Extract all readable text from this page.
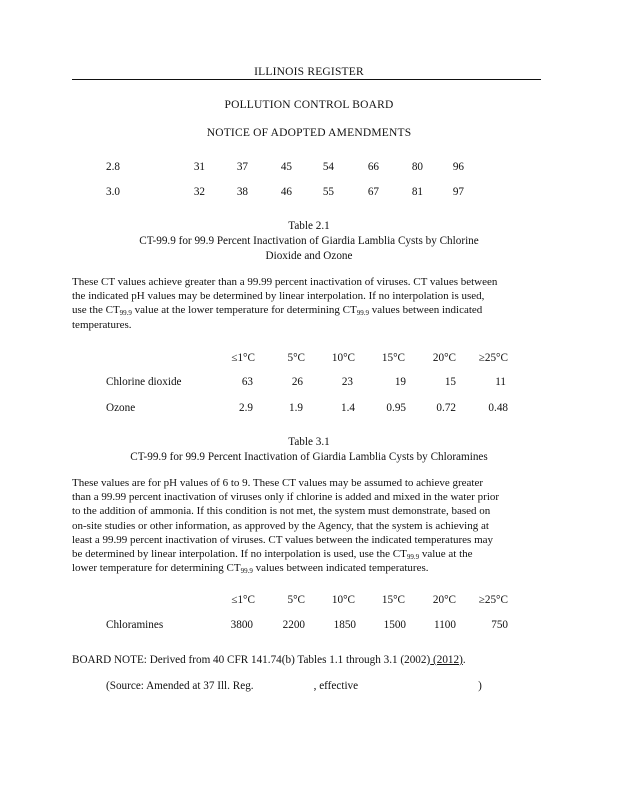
ILLINOIS REGISTER
POLLUTION CONTROL BOARD
NOTICE OF ADOPTED AMENDMENTS
2.8	31	37	45	54	66	80	96
3.0	32	38	46	55	67	81	97
Table 2.1
CT-99.9 for 99.9 Percent Inactivation of Giardia Lamblia Cysts by Chlorine
Dioxide and Ozone
These CT values achieve greater than a 99.99 percent inactivation of viruses. CT values between
the indicated pH values may be determined by linear interpolation. If no interpolation is used,
use the $CT_{99.9}$ value at the lower temperature for determining $CT_{99.9}$ values between indicated
temperatures.
≤1°C	5°C	10°C	15°C	20°C	≥25°C
Chlorine dioxide	63	26	23	19	15	11
Ozone	2.9	1.9	1.4	0.95	0.72	0.48
Table 3.1
CT-99.9 for 99.9 Percent Inactivation of Giardia Lamblia Cysts by Chloramines
These values are for pH values of 6 to 9. These CT values may be assumed to achieve greater
than a 99.99 percent inactivation of viruses only if chlorine is added and mixed in the water prior
to the addition of ammonia. If this condition is not met, the system must demonstrate, based on
on-site studies or other information, as approved by the Agency, that the system is achieving at
least a 99.99 percent inactivation of viruses. CT values between the indicated temperatures may
be determined by linear interpolation. If no interpolation is used, use the $CT_{99.9}$ value at the
lower temperature for determining $CT_{99.9}$ values between indicated temperatures.
≤1°C	5°C	10°C	15°C	20°C	≥25°C
Chloramines	3800	2200	1850	1500	1100	750
BOARD NOTE: Derived from 40 CFR 141.74(b) Tables 1.1 through 3.1 (2002) (2012).
(Source: Amended at 37 Ill. Reg.	, effective	)
